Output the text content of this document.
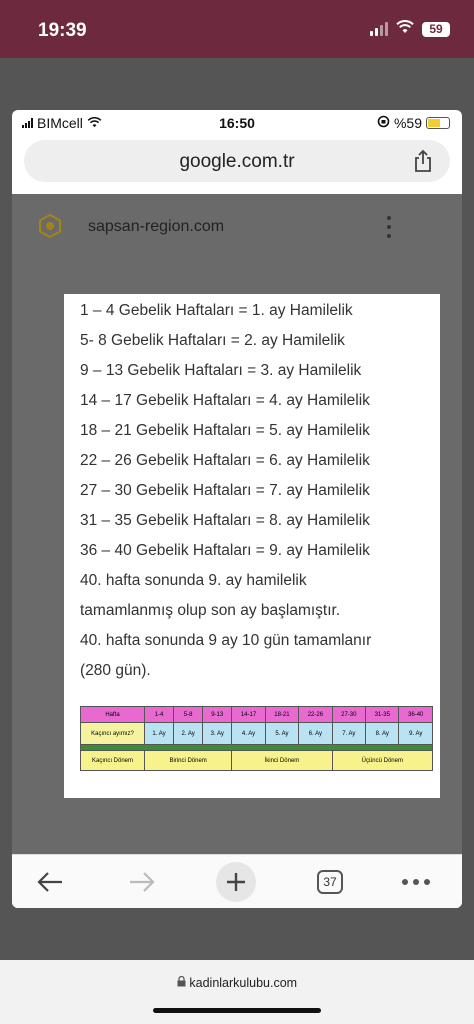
19:39	59
BIMcell	16:50	%59
google.com.tr
sapsan-region.com
1 – 4 Gebelik Haftaları = 1. ay Hamilelik
5- 8 Gebelik Haftaları = 2. ay Hamilelik
9 – 13 Gebelik Haftaları = 3. ay Hamilelik
14 – 17 Gebelik Haftaları = 4. ay Hamilelik
18 – 21 Gebelik Haftaları = 5. ay Hamilelik
22 – 26 Gebelik Haftaları = 6. ay Hamilelik
27 – 30 Gebelik Haftaları = 7. ay Hamilelik
31 – 35 Gebelik Haftaları = 8. ay Hamilelik
36 – 40 Gebelik Haftaları = 9. ay Hamilelik
40. hafta sonunda 9. ay hamilelik
tamamlanmış olup son ay başlamıştır.
40. hafta sonunda 9 ay 10 gün tamamlanır
(280 gün).
Hafta	1-4	5-8	9-13	14-17	18-21	22-26	27-30	31-35	36-40
Kaçıncı ayımız?	1. Ay	2. Ay	3. Ay	4. Ay	5. Ay	6. Ay	7. Ay	8. Ay	9. Ay

Kaçıncı Dönem	Birinci Dönem			İkinci Dönem			Üçüncü Dönem		
37
kadinlarkulubu.com
